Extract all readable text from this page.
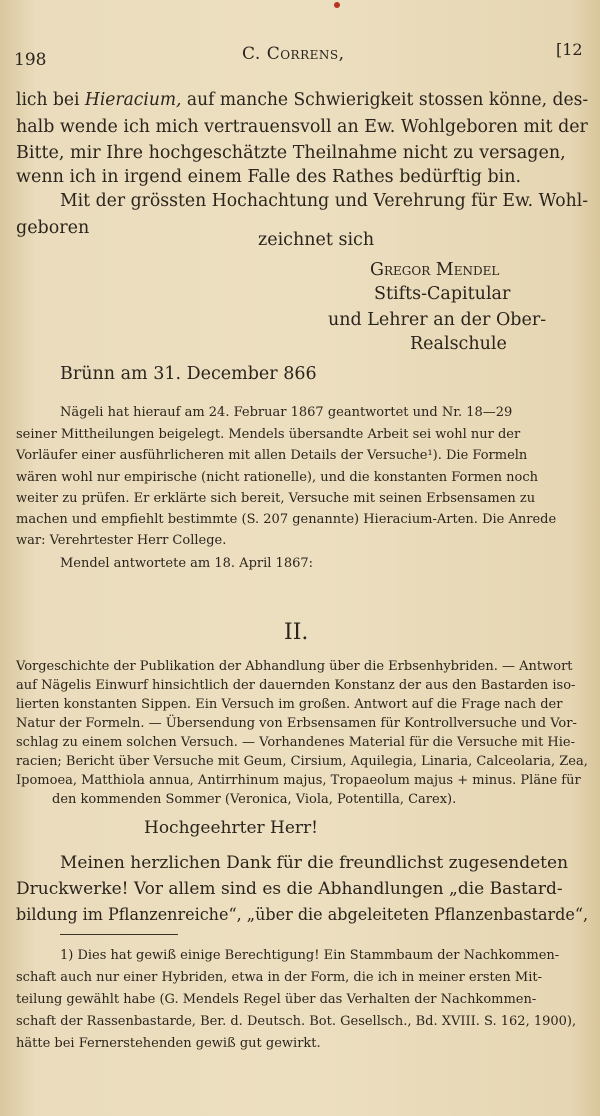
198	C. Correns,	[12
lich bei Hieracium, auf manche Schwierigkeit stossen könne, des-
halb wende ich mich vertrauensvoll an Ew. Wohlgeboren mit der
Bitte, mir Ihre hochgeschätzte Theilnahme nicht zu versagen,
wenn ich in irgend einem Falle des Rathes bedürftig bin.
Mit der grössten Hochachtung und Verehrung für Ew. Wohl-
geboren
zeichnet sich
Gregor Mendel
Stifts-Capitular
und Lehrer an der Ober-
Realschule
Brünn am 31. December 866
Nägeli hat hierauf am 24. Februar 1867 geantwortet und Nr. 18—29
seiner Mittheilungen beigelegt. Mendels übersandte Arbeit sei wohl nur der
Vorläufer einer ausführlicheren mit allen Details der Versuche¹). Die Formeln
wären wohl nur empirische (nicht rationelle), und die konstanten Formen noch
weiter zu prüfen. Er erklärte sich bereit, Versuche mit seinen Erbsensamen zu
machen und empfiehlt bestimmte (S. 207 genannte) Hieracium-Arten. Die Anrede
war: Verehrtester Herr College.
Mendel antwortete am 18. April 1867:
II.
Vorgeschichte der Publikation der Abhandlung über die Erbsenhybriden. — Antwort
auf Nägelis Einwurf hinsichtlich der dauernden Konstanz der aus den Bastarden iso-
lierten konstanten Sippen. Ein Versuch im großen. Antwort auf die Frage nach der
Natur der Formeln. — Übersendung von Erbsensamen für Kontrollversuche und Vor-
schlag zu einem solchen Versuch. — Vorhandenes Material für die Versuche mit Hie-
racien; Bericht über Versuche mit Geum, Cirsium, Aquilegia, Linaria, Calceolaria, Zea,
Ipomoea, Matthiola annua, Antirrhinum majus, Tropaeolum majus + minus. Pläne für
den kommenden Sommer (Veronica, Viola, Potentilla, Carex).
Hochgeehrter Herr!
Meinen herzlichen Dank für die freundlichst zugesendeten
Druckwerke! Vor allem sind es die Abhandlungen „die Bastard-
bildung im Pflanzenreiche“, „über die abgeleiteten Pflanzenbastarde“,
1) Dies hat gewiß einige Berechtigung! Ein Stammbaum der Nachkommen-
schaft auch nur einer Hybriden, etwa in der Form, die ich in meiner ersten Mit-
teilung gewählt habe (G. Mendels Regel über das Verhalten der Nachkommen-
schaft der Rassenbastarde, Ber. d. Deutsch. Bot. Gesellsch., Bd. XVIII. S. 162, 1900),
hätte bei Fernerstehenden gewiß gut gewirkt.
